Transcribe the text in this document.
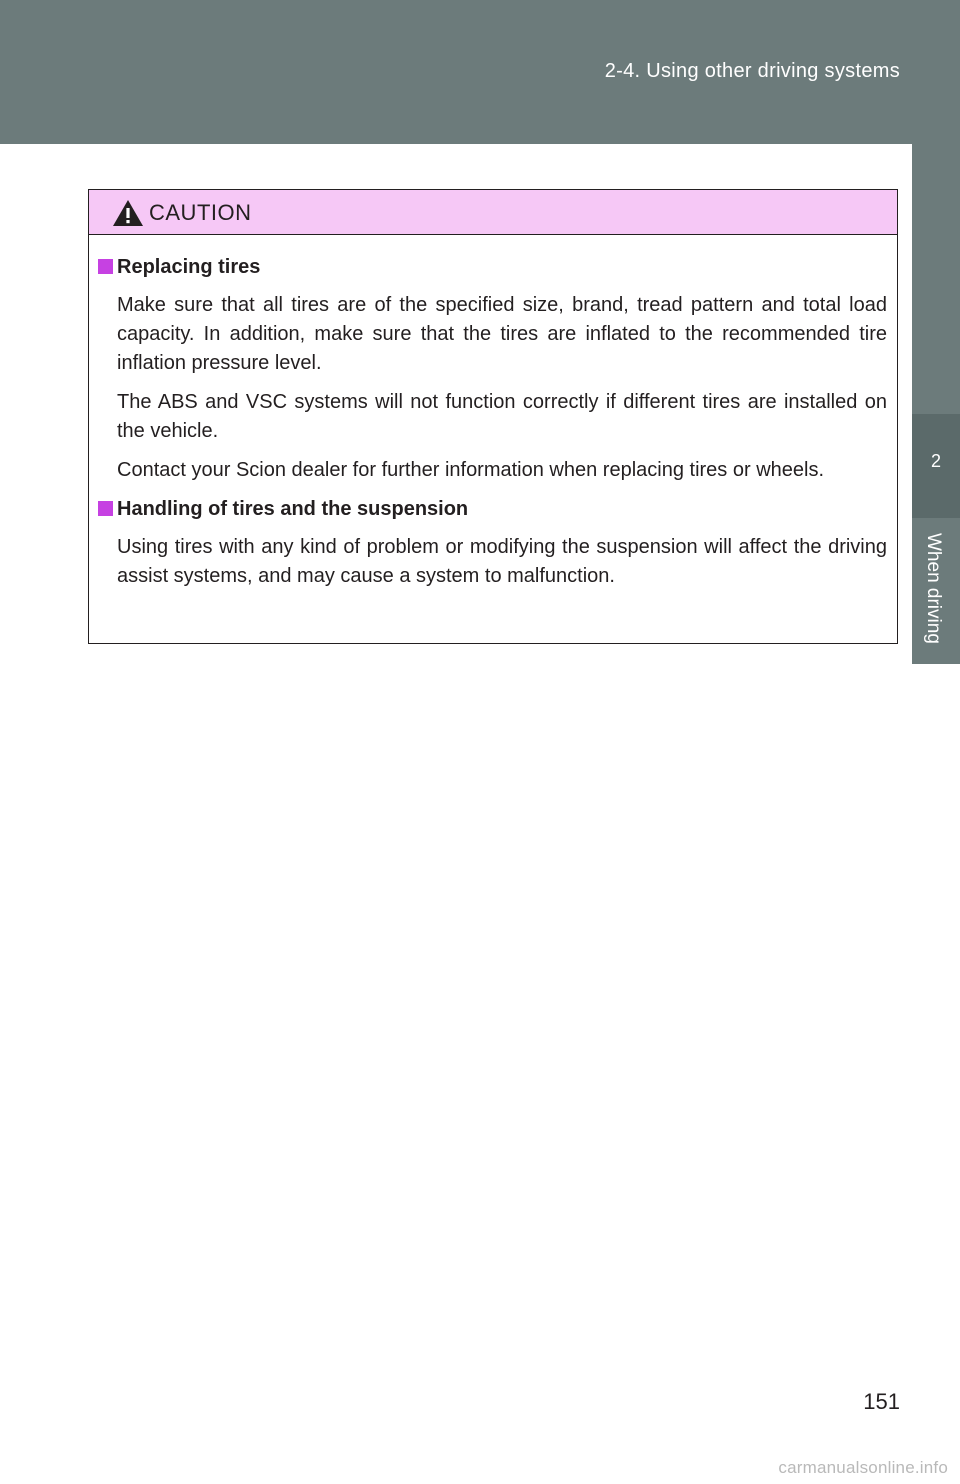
2-4. Using other driving systems
2
When driving
CAUTION
Replacing tires

Make sure that all tires are of the specified size, brand, tread pattern and total load capacity. In addition, make sure that the tires are inflated to the recommended tire inflation pressure level.

The ABS and VSC systems will not function correctly if different tires are installed on the vehicle.

Contact your Scion dealer for further information when replacing tires or wheels.

Handling of tires and the suspension

Using tires with any kind of problem or modifying the suspension will affect the driving assist systems, and may cause a system to malfunction.

151
carmanualsonline.info
